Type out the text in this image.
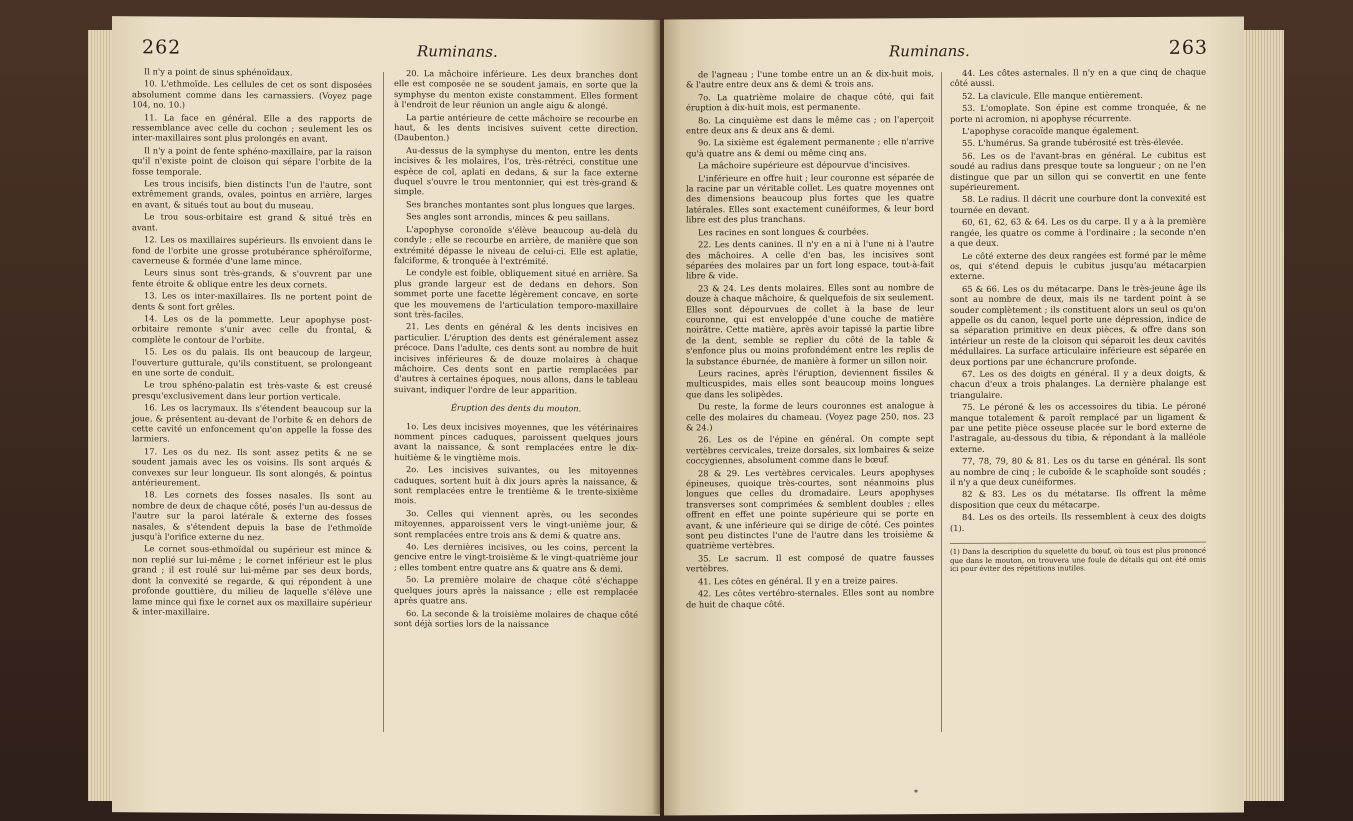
262	Ruminans.

Il n'y a point de sinus sphénoïdaux.

10. L'ethmoïde. Les cellules de cet os sont disposées absolument comme dans les carnassiers. (Voyez page 104, no. 10.)

11. La face en général. Elle a des rapports de ressemblance avec celle du cochon ; seulement les os inter-maxillaires sont plus prolongés en avant.

Il n'y a point de fente sphéno-maxillaire, par la raison qu'il n'existe point de cloison qui sépare l'orbite de la fosse temporale.

Les trous incisifs, bien distincts l'un de l'autre, sont extrêmement grands, ovales, pointus en arrière, larges en avant, & situés tout au bout du museau.

Le trou sous-orbitaire est grand & situé très en avant.

12. Les os maxillaires supérieurs. Ils envoient dans le fond de l'orbite une grosse protubérance sphéroïforme, caverneuse & formée d'une lame mince.

Leurs sinus sont très-grands, & s'ouvrent par une fente étroite & oblique entre les deux cornets.

13. Les os inter-maxillaires. Ils ne portent point de dents & sont fort grêles.

14. Les os de la pommette. Leur apophyse post-orbitaire remonte s'unir avec celle du frontal, & complète le contour de l'orbite.

15. Les os du palais. Ils ont beaucoup de largeur, l'ouverture gutturale, qu'ils constituent, se prolongeant en une sorte de conduit.

Le trou sphéno-palatin est très-vaste & est creusé presqu'exclusivement dans leur portion verticale.

16. Les os lacrymaux. Ils s'étendent beaucoup sur la joue, & présentent au-devant de l'orbite & en dehors de cette cavité un enfoncement qu'on appelle la fosse des larmiers.

17. Les os du nez. Ils sont assez petits & ne se soudent jamais avec les os voisins. Ils sont arqués & convexes sur leur longueur. Ils sont alongés, & pointus antérieurement.

18. Les cornets des fosses nasales. Ils sont au nombre de deux de chaque côté, posés l'un au-dessus de l'autre sur la paroi latérale & externe des fosses nasales, & s'étendent depuis la base de l'ethmoïde jusqu'à l'orifice externe du nez.

Le cornet sous-ethmoïdal ou supérieur est mince & non replié sur lui-même ; le cornet inférieur est le plus grand ; il est roulé sur lui-même par ses deux bords, dont la convexité se regarde, & qui répondent à une profonde gouttière, du milieu de laquelle s'élève une lame mince qui fixe le cornet aux os maxillaire supérieur & inter-maxillaire.

20. La mâchoire inférieure. Les deux branches dont elle est composée ne se soudent jamais, en sorte que la symphyse du menton existe constamment. Elles forment à l'endroit de leur réunion un angle aigu & alongé.

La partie antérieure de cette mâchoire se recourbe en haut, & les dents incisives suivent cette direction. (Daubenton.)

Au-dessus de la symphyse du menton, entre les dents incisives & les molaires, l'os, très-rétréci, constitue une espèce de col, aplati en dedans, & sur la face externe duquel s'ouvre le trou mentonnier, qui est très-grand & simple.

Ses branches montantes sont plus longues que larges.

Ses angles sont arrondis, minces & peu saillans.

L'apophyse coronoïde s'élève beaucoup au-delà du condyle ; elle se recourbe en arrière, de manière que son extrémité dépasse le niveau de celui-ci. Elle est aplatie, falciforme, & tronquée à l'extrémité.

Le condyle est foible, obliquement situé en arrière. Sa plus grande largeur est de dedans en dehors. Son sommet porte une facette légèrement concave, en sorte que les mouvemens de l'articulation temporo-maxillaire sont très-faciles.

21. Les dents en général & les dents incisives en particulier. L'éruption des dents est généralement assez précoce. Dans l'adulte, ces dents sont au nombre de huit incisives inférieures & de douze molaires à chaque mâchoire. Ces dents sont en partie remplacées par d'autres à certaines époques, nous allons, dans le tableau suivant, indiquer l'ordre de leur apparition.

Éruption des dents du mouton.

1o. Les deux incisives moyennes, que les vétérinaires nomment pinces caduques, paroissent quelques jours avant la naissance, & sont remplacées entre le dix-huitième & le vingtième mois.

2o. Les incisives suivantes, ou les mitoyennes caduques, sortent huit à dix jours après la naissance, & sont remplacées entre le trentième & le trente-sixième mois.

3o. Celles qui viennent après, ou les secondes mitoyennes, apparoissent vers le vingt-unième jour, & sont remplacées entre trois ans & demi & quatre ans.

4o. Les dernières incisives, ou les coins, percent la gencive entre le vingt-troisième & le vingt-quatrième jour ; elles tombent entre quatre ans & quatre ans & demi.

5o. La première molaire de chaque côté s'échappe quelques jours après la naissance ; elle est remplacée après quatre ans.

6o. La seconde & la troisième molaires de chaque côté sont déjà sorties lors de la naissance

Ruminans.	263

de l'agneau ; l'une tombe entre un an & dix-huit mois, & l'autre entre deux ans & demi & trois ans.

7o. La quatrième molaire de chaque côté, qui fait éruption à dix-huit mois, est permanente.

8o. La cinquième est dans le même cas ; on l'aperçoit entre deux ans & deux ans & demi.

9o. La sixième est également permanente ; elle n'arrive qu'à quatre ans & demi ou même cinq ans.

La mâchoire supérieure est dépourvue d'incisives.

L'inférieure en offre huit ; leur couronne est séparée de la racine par un véritable collet. Les quatre moyennes ont des dimensions beaucoup plus fortes que les quatre latérales. Elles sont exactement cunéiformes, & leur bord libre est des plus tranchans.

Les racines en sont longues & courbées.

22. Les dents canines. Il n'y en a ni à l'une ni à l'autre des mâchoires. A celle d'en bas, les incisives sont séparées des molaires par un fort long espace, tout-à-fait libre & vide.

23 & 24. Les dents molaires. Elles sont au nombre de douze à chaque mâchoire, & quelquefois de six seulement. Elles sont dépourvues de collet à la base de leur couronne, qui est enveloppée d'une couche de matière noirâtre. Cette matière, après avoir tapissé la partie libre de la dent, semble se replier du côté de la table & s'enfonce plus ou moins profondément entre les replis de la substance éburnée, de manière à former un sillon noir.

Leurs racines, après l'éruption, deviennent fissiles & multicuspides, mais elles sont beaucoup moins longues que dans les solipèdes.

Du reste, la forme de leurs couronnes est analogue à celle des molaires du chameau. (Voyez page 250, nos. 23 & 24.)

26. Les os de l'épine en général. On compte sept vertèbres cervicales, treize dorsales, six lombaires & seize coccygiennes, absolument comme dans le bœuf.

28 & 29. Les vertèbres cervicales. Leurs apophyses épineuses, quoique très-courtes, sont néanmoins plus longues que celles du dromadaire. Leurs apophyses transverses sont comprimées & semblent doubles ; elles offrent en effet une pointe supérieure qui se porte en avant, & une inférieure qui se dirige de côté. Ces pointes sont peu distinctes l'une de l'autre dans les troisième & quatrième vertèbres.

35. Le sacrum. Il est composé de quatre fausses vertèbres.

41. Les côtes en général. Il y en a treize paires.

42. Les côtes vertébro-sternales. Elles sont au nombre de huit de chaque côté.

44. Les côtes asternales. Il n'y en a que cinq de chaque côté aussi.

52. La clavicule. Elle manque entièrement.

53. L'omoplate. Son épine est comme tronquée, & ne porte ni acromion, ni apophyse récurrente.

L'apophyse coracoïde manque également.

55. L'humérus. Sa grande tubérosité est très-élevée.

56. Les os de l'avant-bras en général. Le cubitus est soudé au radius dans presque toute sa longueur ; on ne l'en distingue que par un sillon qui se convertit en une fente supérieurement.

58. Le radius. Il décrit une courbure dont la convexité est tournée en devant.

60, 61, 62, 63 & 64. Les os du carpe. Il y a à la première rangée, les quatre os comme à l'ordinaire ; la seconde n'en a que deux.

Le côté externe des deux rangées est formé par le même os, qui s'étend depuis le cubitus jusqu'au métacarpien externe.

65 & 66. Les os du métacarpe. Dans le très-jeune âge ils sont au nombre de deux, mais ils ne tardent point à se souder complètement ; ils constituent alors un seul os qu'on appelle os du canon, lequel porte une dépression, indice de sa séparation primitive en deux pièces, & offre dans son intérieur un reste de la cloison qui séparoit les deux cavités médullaires. La surface articulaire inférieure est séparée en deux portions par une échancrure profonde.

67. Les os des doigts en général. Il y a deux doigts, & chacun d'eux a trois phalanges. La dernière phalange est triangulaire.

75. Le péroné & les os accessoires du tibia. Le péroné manque totalement & paroît remplacé par un ligament & par une petite pièce osseuse placée sur le bord externe de l'astragale, au-dessous du tibia, & répondant à la malléole externe.

77, 78, 79, 80 & 81. Les os du tarse en général. Ils sont au nombre de cinq ; le cuboïde & le scaphoïde sont soudés ; il n'y a que deux cunéiformes.

82 & 83. Les os du métatarse. Ils offrent la même disposition que ceux du métacarpe.

84. Les os des orteils. Ils ressemblent à ceux des doigts (1).

(1) Dans la description du squelette du bœuf, où tous est plus prononcé que dans le mouton, on trouvera une foule de détails qui ont été omis ici pour éviter des répétitions inutiles.
*
